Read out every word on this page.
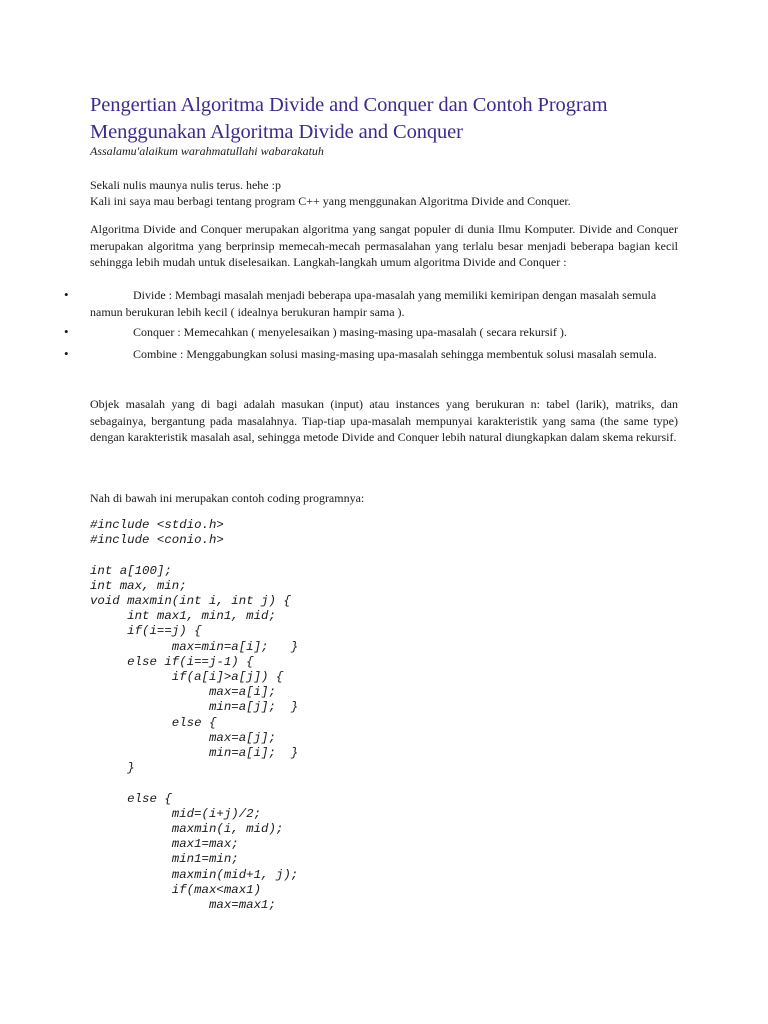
Pengertian Algoritma Divide and Conquer dan Contoh Program Menggunakan Algoritma Divide and Conquer
Assalamu'alaikum warahmatullahi wabarakatuh

Sekali nulis maunya nulis terus. hehe :p

Kali ini saya mau berbagi tentang program C++ yang menggunakan Algoritma Divide and Conquer.

Algoritma Divide and Conquer merupakan algoritma yang sangat populer di dunia Ilmu Komputer. Divide and Conquer merupakan algoritma yang berprinsip memecah-mecah permasalahan yang terlalu besar menjadi beberapa bagian kecil sehingga lebih mudah untuk diselesaikan. Langkah-langkah umum algoritma Divide and Conquer :

•	Divide : Membagi masalah menjadi beberapa upa-masalah yang memiliki kemiripan dengan masalah semula namun berukuran lebih kecil ( idealnya berukuran hampir sama ).
•	Conquer : Memecahkan ( menyelesaikan ) masing-masing upa-masalah ( secara rekursif ).
•	Combine : Menggabungkan solusi masing-masing upa-masalah sehingga membentuk solusi masalah semula.

Objek masalah yang di bagi adalah masukan (input) atau instances yang berukuran n: tabel (larik), matriks, dan sebagainya, bergantung pada masalahnya. Tiap-tiap upa-masalah mempunyai karakteristik yang sama (the same type) dengan karakteristik masalah asal, sehingga metode Divide and Conquer lebih natural diungkapkan dalam skema rekursif.

Nah di bawah ini merupakan contoh coding programnya:

#include <stdio.h>
#include <conio.h>

int a[100];
int max, min;
void maxmin(int i, int j) {
int max1, min1, mid;
if(i==j) {
max=min=a[i];   }
else if(i==j-1) {
if(a[i]>a[j]) {
max=a[i];
min=a[j];  }
else {
max=a[j];
min=a[i];  }
}

else {
mid=(i+j)/2;
maxmin(i, mid);
max1=max;
min1=min;
maxmin(mid+1, j);
if(max<max1)
max=max1;
